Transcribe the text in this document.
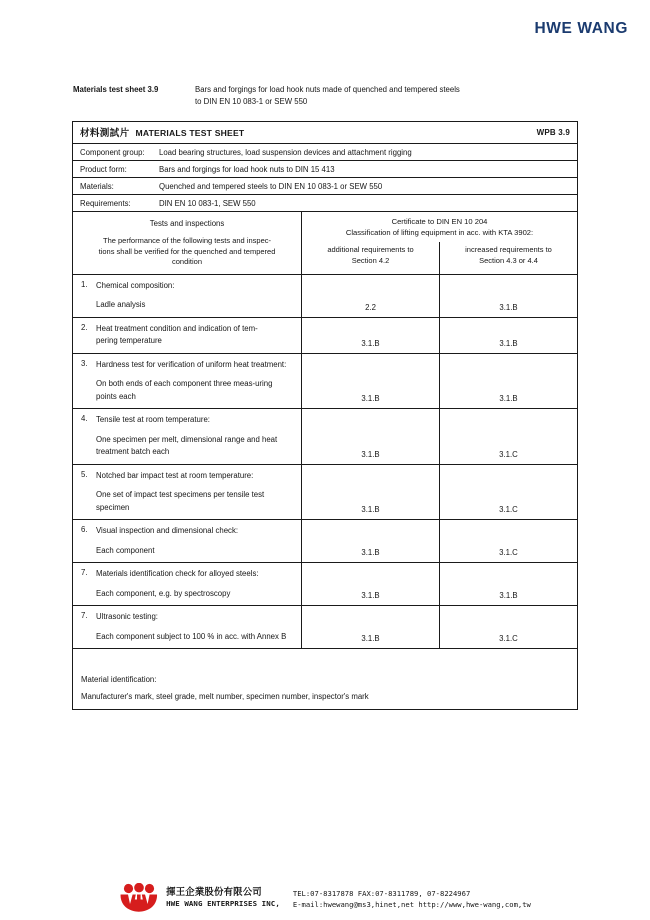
HWE WANG
Materials test sheet 3.9	Bars and forgings for load hook nuts made of quenched and tempered steels
to DIN EN 10 083-1 or SEW 550
材料測試片 MATERIALS TEST SHEET	WPB 3.9
Component group:	Load bearing structures, load suspension devices and attachment rigging
Product form:	Bars and forgings for load hook nuts to DIN 15 413
Materials:	Quenched and tempered steels to DIN EN 10 083-1 or SEW 550
Requirements:	DIN EN 10 083-1, SEW 550
Tests and inspections
The performance of the following tests and inspec-
tions shall be verified for the quenched and tempered
condition
Certificate to DIN EN 10 204
Classification of lifting equipment in acc. with KTA 3902:
additional requirements to
Section 4.2
increased requirements to
Section 4.3 or 4.4
1.	Chemical composition:
Ladle analysis	2.2	3.1.B
2.	Heat treatment condition and indication of tem-
pering temperature	3.1.B	3.1.B
3.	Hardness test for verification of uniform heat treatment:
On both ends of each component three meas-uring points each	3.1.B	3.1.B
4.	Tensile test at room temperature:
One specimen per melt, dimensional range and heat treatment batch each	3.1.B	3.1.C
5.	Notched bar impact test at room temperature:
One set of impact test specimens per tensile test specimen	3.1.B	3.1.C
6.	Visual inspection and dimensional check:
Each component	3.1.B	3.1.C
7.	Materials identification check for alloyed steels:
Each component, e.g. by spectroscopy	3.1.B	3.1.B
7.	Ultrasonic testing:
Each component subject to 100 % in acc. with Annex B	3.1.B	3.1.C
Material identification:
Manufacturer's mark, steel grade, melt number, specimen number, inspector's mark
揮王企業股份有限公司
HWE WANG ENTERPRISES INC,
TEL:07-8317878 FAX:07-8311789, 07-8224967
E-mail:hwewang@ms3,hinet,net http://www,hwe-wang,com,tw
